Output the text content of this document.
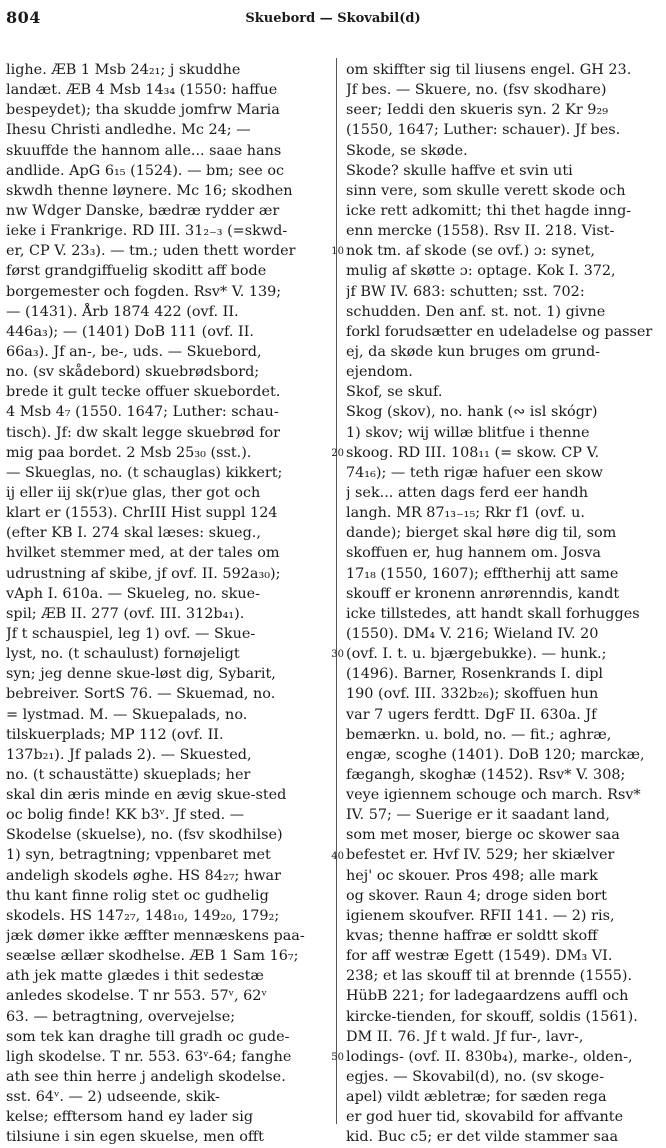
804	Skuebord — Skovabil(d)
lighe. ÆB 1 Msb 24₂₁; j skuddhe
landæt. ÆB 4 Msb 14₃₄ (1550: haffue
bespeydet); tha skudde jomfrw Maria
Ihesu Christi andledhe. Mc 24; —
skuuffde the hannom alle... saae hans
andlide. ApG 6₁₅ (1524). — bm; see oc
skwdh thenne løynere. Mc 16; skodhen
nw Wdger Danske, bædræ rydder ær
ieke i Frankrige. RD III. 31₂₋₃ (=skwd-
er, CP V. 23₃). — tm.; uden thett worder
først grandgiffuelig skoditt aff bode
borgemester och fogden. Rsv* V. 139;
— (1431). Årb 1874 422 (ovf. II.
446a₃); — (1401) DoB 111 (ovf. II.
66a₃). Jf an-, be-, uds. — Skuebord,
no. (sv skådebord) skuebrødsbord;
brede it gult tecke offuer skuebordet.
4 Msb 4₇ (1550. 1647; Luther: schau-
tisch). Jf: dw skalt legge skuebrød for
mig paa bordet. 2 Msb 25₃₀ (sst.).
— Skueglas, no. (t schauglas) kikkert;
ij eller iij sk(r)ue glas, ther got och
klart er (1553). ChrIII Hist suppl 124
(efter KB I. 274 skal læses: skueg.,
hvilket stemmer med, at der tales om
udrustning af skibe, jf ovf. II. 592a₃₀);
vAph I. 610a. — Skueleg, no. skue-
spil; ÆB II. 277 (ovf. III. 312b₄₁).
Jf t schauspiel, leg 1) ovf. — Skue-
lyst, no. (t schaulust) fornøjeligt
syn; jeg denne skue-løst dig, Sybarit,
bebreiver. SortS 76. — Skuemad, no.
= lystmad. M. — Skuepalads, no.
tilskuerplads; MP 112 (ovf. II.
137b₂₁). Jf palads 2). — Skuested,
no. (t schaustätte) skueplads; her
skal din æris minde en ævig skue-sted
oc bolig finde! KK b3ᵛ. Jf sted. —
Skodelse (skuelse), no. (fsv skodhilse)
1) syn, betragtning; vppenbaret met
andeligh skodels øghe. HS 84₂₇; hwar
thu kant finne rolig stet oc gudhelig
skodels. HS 147₂₇, 148₁₀, 149₂₀, 179₂;
jæk dømer ikke æffter mennæskens paa-
seælse ællær skodhelse. ÆB 1 Sam 16₇;
ath jek matte glædes i thit sedestæ
anledes skodelse. T nr 553. 57ᵛ, 62ᵛ
63. — betragtning, overvejelse;
som tek kan draghe till gradh oc gude-
ligh skodelse. T nr. 553. 63ᵛ-64; fanghe
ath see thin herre j andeligh skodelse.
sst. 64ᵛ. — 2) udseende, skik-
kelse; efftersom hand ey lader sig
tilsiune i sin egen skuelse, men offt
10
20
30
40
50
om skiffter sig til liusens engel. GH 23.
Jf bes. — Skuere, no. (fsv skodhare)
seer; Ieddi den skueris syn. 2 Kr 9₂₉
(1550, 1647; Luther: schauer). Jf bes.
Skode, se skøde.
Skode? skulle haffve et svin uti
sinn vere, som skulle verett skode och
icke rett adkomitt; thi thet hagde inng-
enn mercke (1558). Rsv II. 218. Vist-
nok tm. af skode (se ovf.) ɔ: synet,
mulig af skøtte ɔ: optage. Kok I. 372,
jf BW IV. 683: schutten; sst. 702:
schudden. Den anf. st. not. 1) givne
forkl forudsætter en udeladelse og passer
ej, da skøde kun bruges om grund-
ejendom.
Skof, se skuf.
Skog (skov), no. hank (∾ isl skógr)
1) skov; wij willæ blitfue i thenne
skoog. RD III. 108₁₁ (= skow. CP V.
74₁₆); — teth rigæ hafuer een skow
j sek... atten dags ferd eer handh
langh. MR 87₁₃₋₁₅; Rkr f1 (ovf. u.
dande); bierget skal høre dig til, som
skoffuen er, hug hannem om. Josva
17₁₈ (1550, 1607); efftherhij att same
skouff er kronenn anrørenndis, kandt
icke tillstedes, att handt skall forhugges
(1550). DM₄ V. 216; Wieland IV. 20
(ovf. I. t. u. bjærgebukke). — hunk.;
(1496). Barner, Rosenkrands I. dipl
190 (ovf. III. 332b₂₆); skoffuen hun
var 7 ugers ferdtt. DgF II. 630a. Jf
bemærkn. u. bold, no. — fit.; aghræ,
engæ, scoghe (1401). DoB 120; marckæ,
fægangh, skoghæ (1452). Rsv* V. 308;
veye igiennem schouge och march. Rsv*
IV. 57; — Suerige er it saadant land,
som met moser, bierge oc skower saa
befestet er. Hvf IV. 529; her skiælver
hej' oc skouer. Pros 498; alle mark
og skover. Raun 4; droge siden bort
igienem skoufver. RFII 141. — 2) ris,
kvas; thenne haffræ er soldtt skoff
for aff westræ Egett (1549). DM₃ VI.
238; et las skouff til at brennde (1555).
HübB 221; for ladegaardzens auffl och
kircke-tienden, for skouff, soldis (1561).
DM II. 76. Jf t wald. Jf fur-, lavr-,
lodings- (ovf. II. 830b₄), marke-, olden-,
egjes. — Skovabil(d), no. (sv skoge-
apel) vildt æbletræ; for sæden rega
er god huer tid, skovabild for affvante
kid. Buc c5; er det vilde stammer saa
